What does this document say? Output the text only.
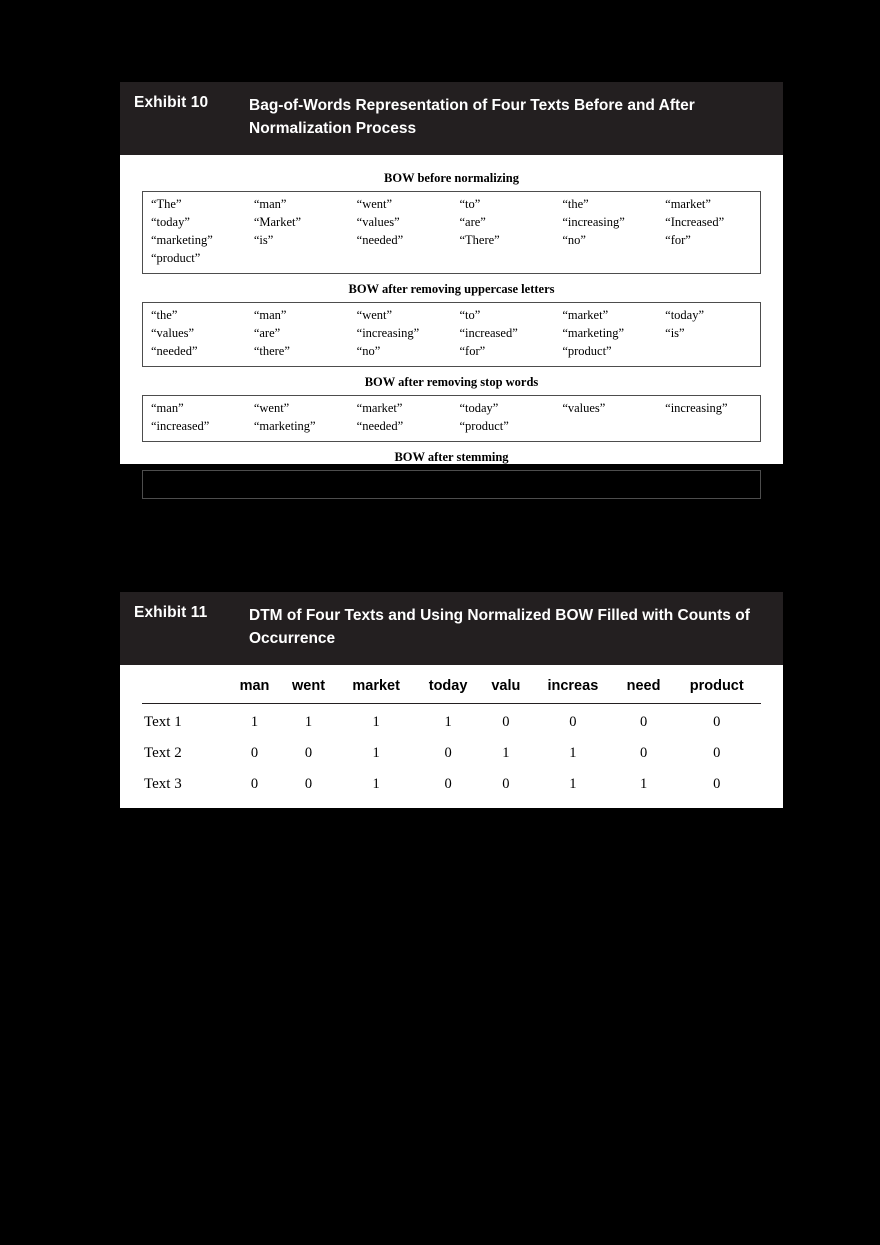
Exhibit 10	Bag-of-Words Representation of Four Texts Before and After Normalization Process
BOW before normalizing
“The”	“man”	“went”	“to”	“the”	“market”
“today”	“Market”	“values”	“are”	“increasing”	“Increased”
“marketing”	“is”	“needed”	“There”	“no”	“for”
“product”
BOW after removing uppercase letters
“the”	“man”	“went”	“to”	“market”	“today”
“values”	“are”	“increasing”	“increased”	“marketing”	“is”
“needed”	“there”	“no”	“for”	“product”
BOW after removing stop words
“man”	“went”	“market”	“today”	“values”	“increasing”
“increased”	“marketing”	“needed”	“product”
BOW after stemming
“man”	“went”	“market”	“today”	“valu”	“increas”	“need”	“product”
Exhibit 11	DTM of Four Texts and Using Normalized BOW Filled with Counts of Occurrence
	man	went	market	today	valu	increas	need	product
Text 1	1	1	1	1	0	0	0	0
Text 2	0	0	1	0	1	1	0	0
Text 3	0	0	1	0	0	1	1	0
Text 4	0	0	1	0	0	0	0	1
